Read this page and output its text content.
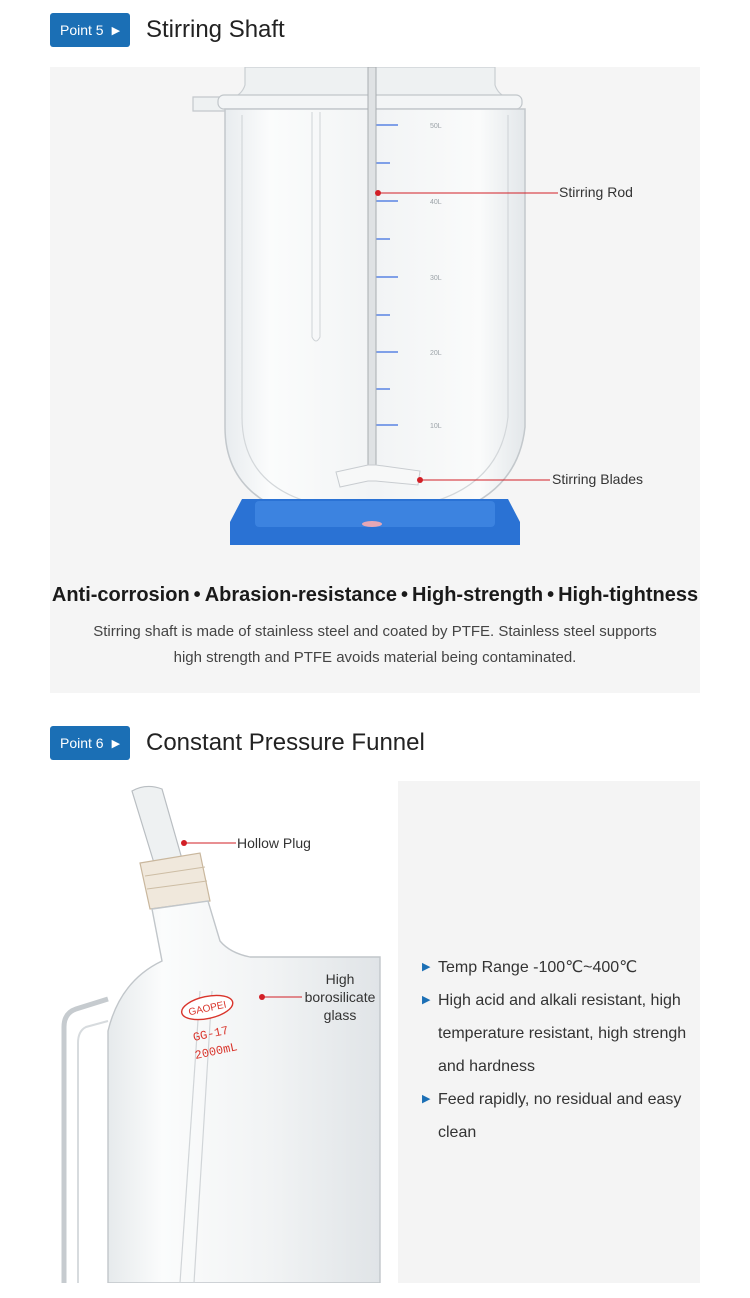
Point 5 ▶ Stirring Shaft
50L
40L
30L
20L
10L
Stirring Rod
Stirring Blades
Anti-corrosion • Abrasion-resistance • High-strength • High-tightness
Stirring shaft is made of stainless steel and coated by PTFE. Stainless steel supports high strength and PTFE avoids material being contaminated.
Point 6 ▶ Constant Pressure Funnel
GAOPEI
GG-17
2000mL
Hollow Plug
High borosilicate glass
▶ Temp Range -100℃~400℃
▶ High acid and alkali resistant, high temperature resistant, high strengh and hardness
▶ Feed rapidly, no residual and easy clean
